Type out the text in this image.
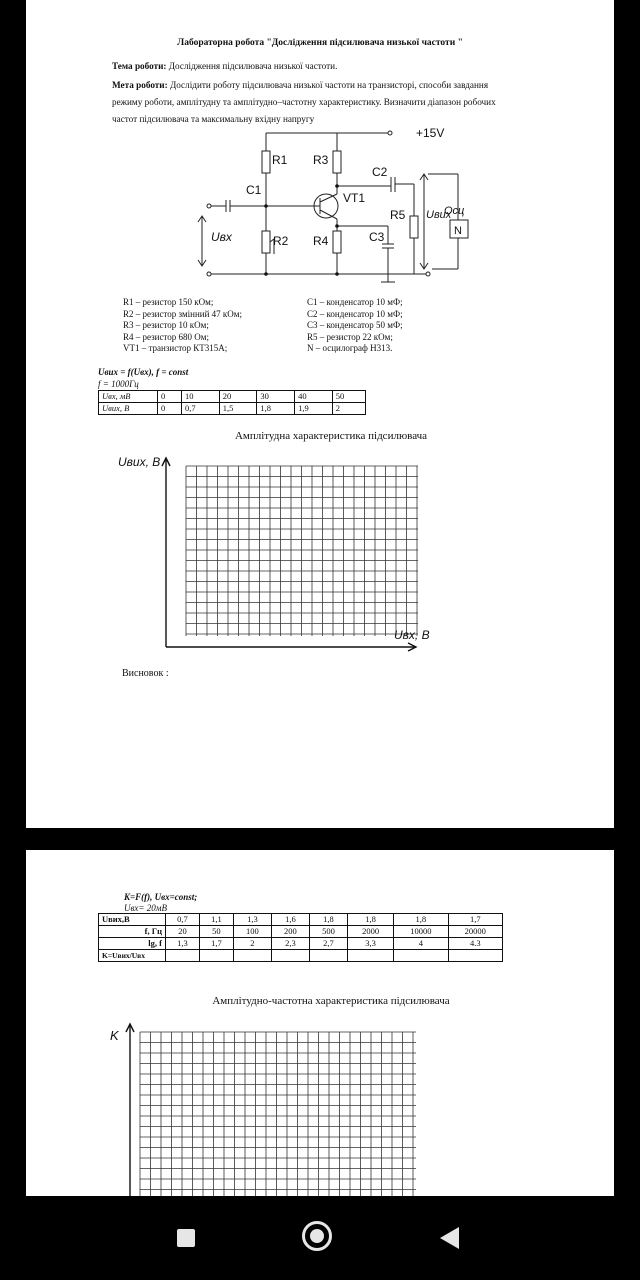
Лабораторна робота "Дослідження підсилювача низької частоти "
Тема роботи: Дослідження підсилювача низької частоти.
Мета роботи: Дослідити роботу підсилювача низької частоти на транзисторі, способи завдання
режиму роботи, амплітудну та амплітудно–частотну характеристику. Визначити діапазон робочих
частот підсилювача та максимальну вхідну напругу
+15V
R1 R3
C2
C1
VT1
R5
C3
R2 R4
Uвх
Uвих
Осц
N
R1 – резистор 150 кОм;
R2 – резистор змінний 47 кОм;
R3 – резистор 10 кОм;
R4 – резистор 680 Ом;
VT1 – транзистор КТ315А;
C1 – конденсатор 10 мФ;
C2 – конденсатор 10 мФ;
C3 – конденсатор 50 мФ;
R5 – резистор 22 кОм;
N – осцилограф Н313.
Uвих = f(Uвх), f = const
f = 1000Гц
Uвх, мВ	0	10	20	30	40	50
Uвих, В	0	0,7	1,5	1,8	1,9	2
Амплітудна характеристика підсилювача
Uвих, В
Uвх, В
Висновок :
K=F(f), Uвх=const;
Uвх= 20мВ
Uвих,В	0,7	1,1	1,3	1,6	1,8	1,8	1,8	1,7
f, Гц	20	50	100	200	500	2000	10000	20000
lg, f	1,3	1,7	2	2,3	2,7	3,3	4	4.3
K=Uвих/Uвх								
Амплітудно-частотна характеристика підсилювача
K
